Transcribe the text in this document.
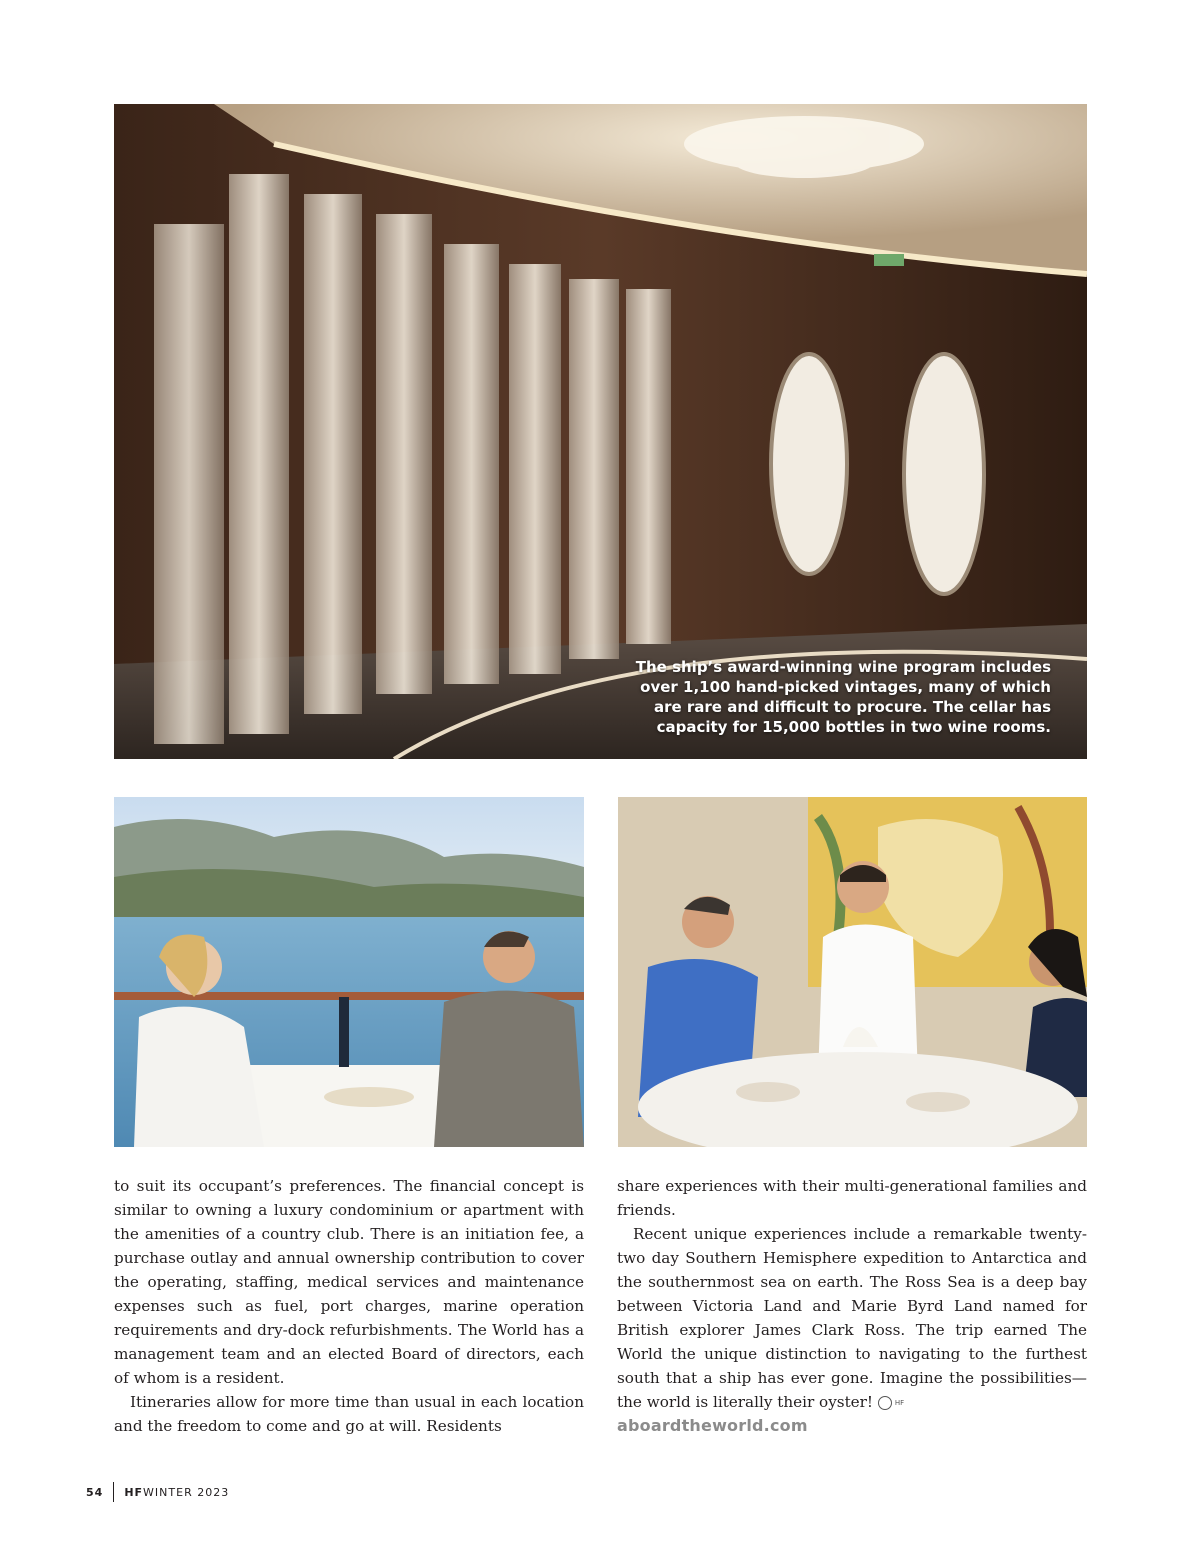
The ship’s award-winning wine program includes over 1,100 hand-picked vintages, many of which are rare and difficult to procure. The cellar has capacity for 15,000 bottles in two wine rooms.

to suit its occupant’s preferences. The financial concept is similar to owning a luxury condominium or apartment with the amenities of a country club. There is an initiation fee, a purchase outlay and annual ownership contribution to cover the operating, staffing, medical services and maintenance expenses such as fuel, port charges, marine operation requirements and dry-dock refurbishments. The World has a management team and an elected Board of directors, each of whom is a resident.

Itineraries allow for more time than usual in each location and the freedom to come and go at will. Residents

share experiences with their multi-generational families and friends.

Recent unique experiences include a remarkable twenty-two day Southern Hemisphere expedition to Antarctica and the southernmost sea on earth. The Ross Sea is a deep bay between Victoria Land and Marie Byrd Land named for British explorer James Clark Ross. The trip earned The World the unique distinction to navigating to the furthest south that a ship has ever gone. Imagine the possibilities—the world is literally their oyster!	HF

aboardtheworld.com
54 HF WINTER 2023
